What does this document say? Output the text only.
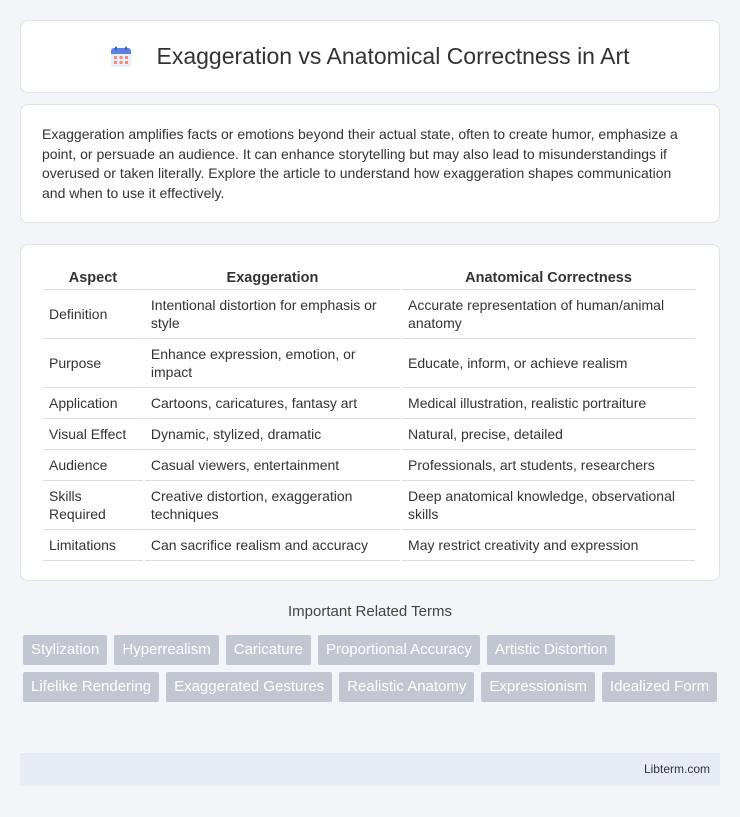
Exaggeration vs Anatomical Correctness in Art

Exaggeration amplifies facts or emotions beyond their actual state, often to create humor, emphasize a point, or persuade an audience. It can enhance storytelling but may also lead to misunderstandings if overused or taken literally. Explore the article to understand how exaggeration shapes communication and when to use it effectively.

Aspect	Exaggeration	Anatomical Correctness
Definition	Intentional distortion for emphasis or style	Accurate representation of human/animal anatomy
Purpose	Enhance expression, emotion, or impact	Educate, inform, or achieve realism
Application	Cartoons, caricatures, fantasy art	Medical illustration, realistic portraiture
Visual Effect	Dynamic, stylized, dramatic	Natural, precise, detailed
Audience	Casual viewers, entertainment	Professionals, art students, researchers
Skills Required	Creative distortion, exaggeration techniques	Deep anatomical knowledge, observational skills
Limitations	Can sacrifice realism and accuracy	May restrict creativity and expression
Important Related Terms
Stylization	Hyperrealism	Caricature	Proportional Accuracy	Artistic Distortion
Lifelike Rendering	Exaggerated Gestures	Realistic Anatomy	Expressionism	Idealized Form
Libterm.com
